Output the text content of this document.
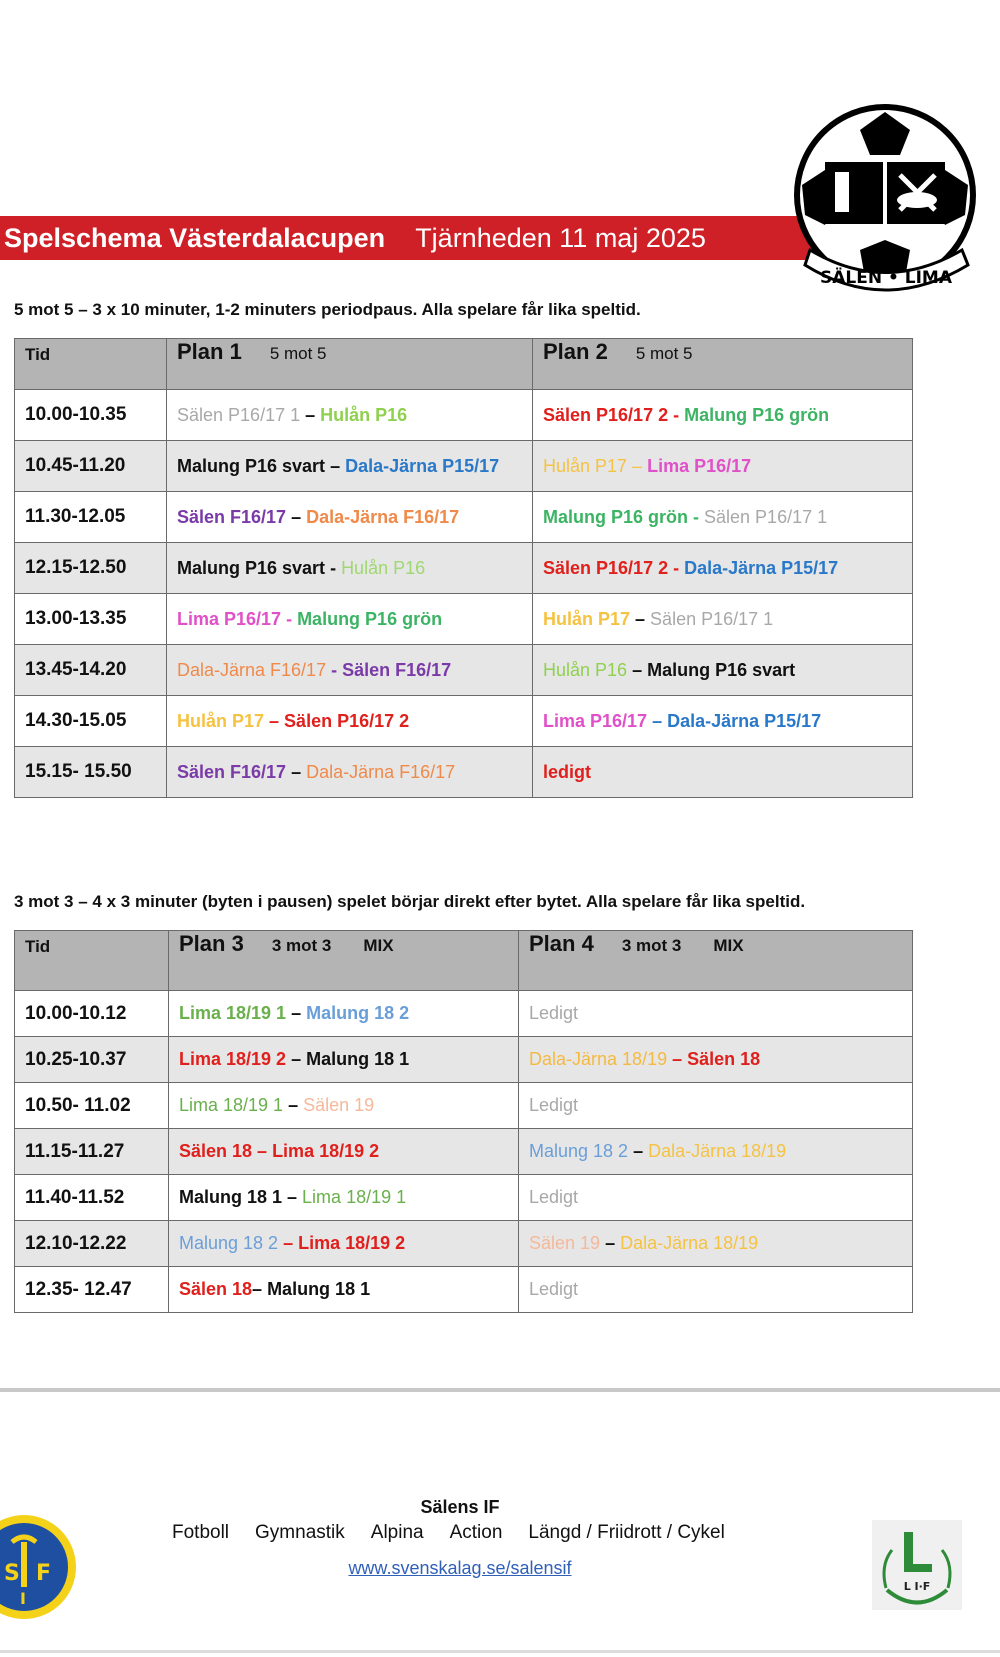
Spelschema Västerdalacupen Tjärnheden 11 maj 2025
SÄLEN • LIMA
5 mot 5 – 3 x 10 minuter, 1-2 minuters periodpaus. Alla spelare får lika speltid.
Tid	Plan 1 5 mot 5	Plan 2 5 mot 5
10.00-10.35	Sälen P16/17 1 – Hulån P16	Sälen P16/17 2 - Malung P16 grön
10.45-11.20	Malung P16 svart – Dala-Järna P15/17	Hulån P17 – Lima P16/17
11.30-12.05	Sälen F16/17 – Dala-Järna F16/17	Malung P16 grön - Sälen P16/17 1
12.15-12.50	Malung P16 svart - Hulån P16	Sälen P16/17 2 - Dala-Järna P15/17
13.00-13.35	Lima P16/17 - Malung P16 grön	Hulån P17 – Sälen P16/17 1
13.45-14.20	Dala-Järna F16/17 - Sälen F16/17	Hulån P16 – Malung P16 svart
14.30-15.05	Hulån P17 – Sälen P16/17 2	Lima P16/17 – Dala-Järna P15/17
15.15- 15.50	Sälen F16/17 – Dala-Järna F16/17	ledigt
3 mot 3 – 4 x 3 minuter (byten i pausen) spelet börjar direkt efter bytet. Alla spelare får lika speltid.
Tid	Plan 3 3 mot 3 MIX	Plan 4 3 mot 3 MIX
10.00-10.12	Lima 18/19 1 – Malung 18 2	Ledigt
10.25-10.37	Lima 18/19 2 – Malung 18 1	Dala-Järna 18/19 – Sälen 18
10.50- 11.02	Lima 18/19 1 – Sälen 19	Ledigt
11.15-11.27	Sälen 18 – Lima 18/19 2	Malung 18 2 – Dala-Järna 18/19
11.40-11.52	Malung 18 1 – Lima 18/19 1	Ledigt
12.10-12.22	Malung 18 2 – Lima 18/19 2	Sälen 19 – Dala-Järna 18/19
12.35- 12.47	Sälen 18– Malung 18 1	Ledigt
S
I
F
Sälens IF
Fotboll Gymnastik Alpina Action Längd / Friidrott / Cykel
www.svenskalag.se/salensif
L I·F
